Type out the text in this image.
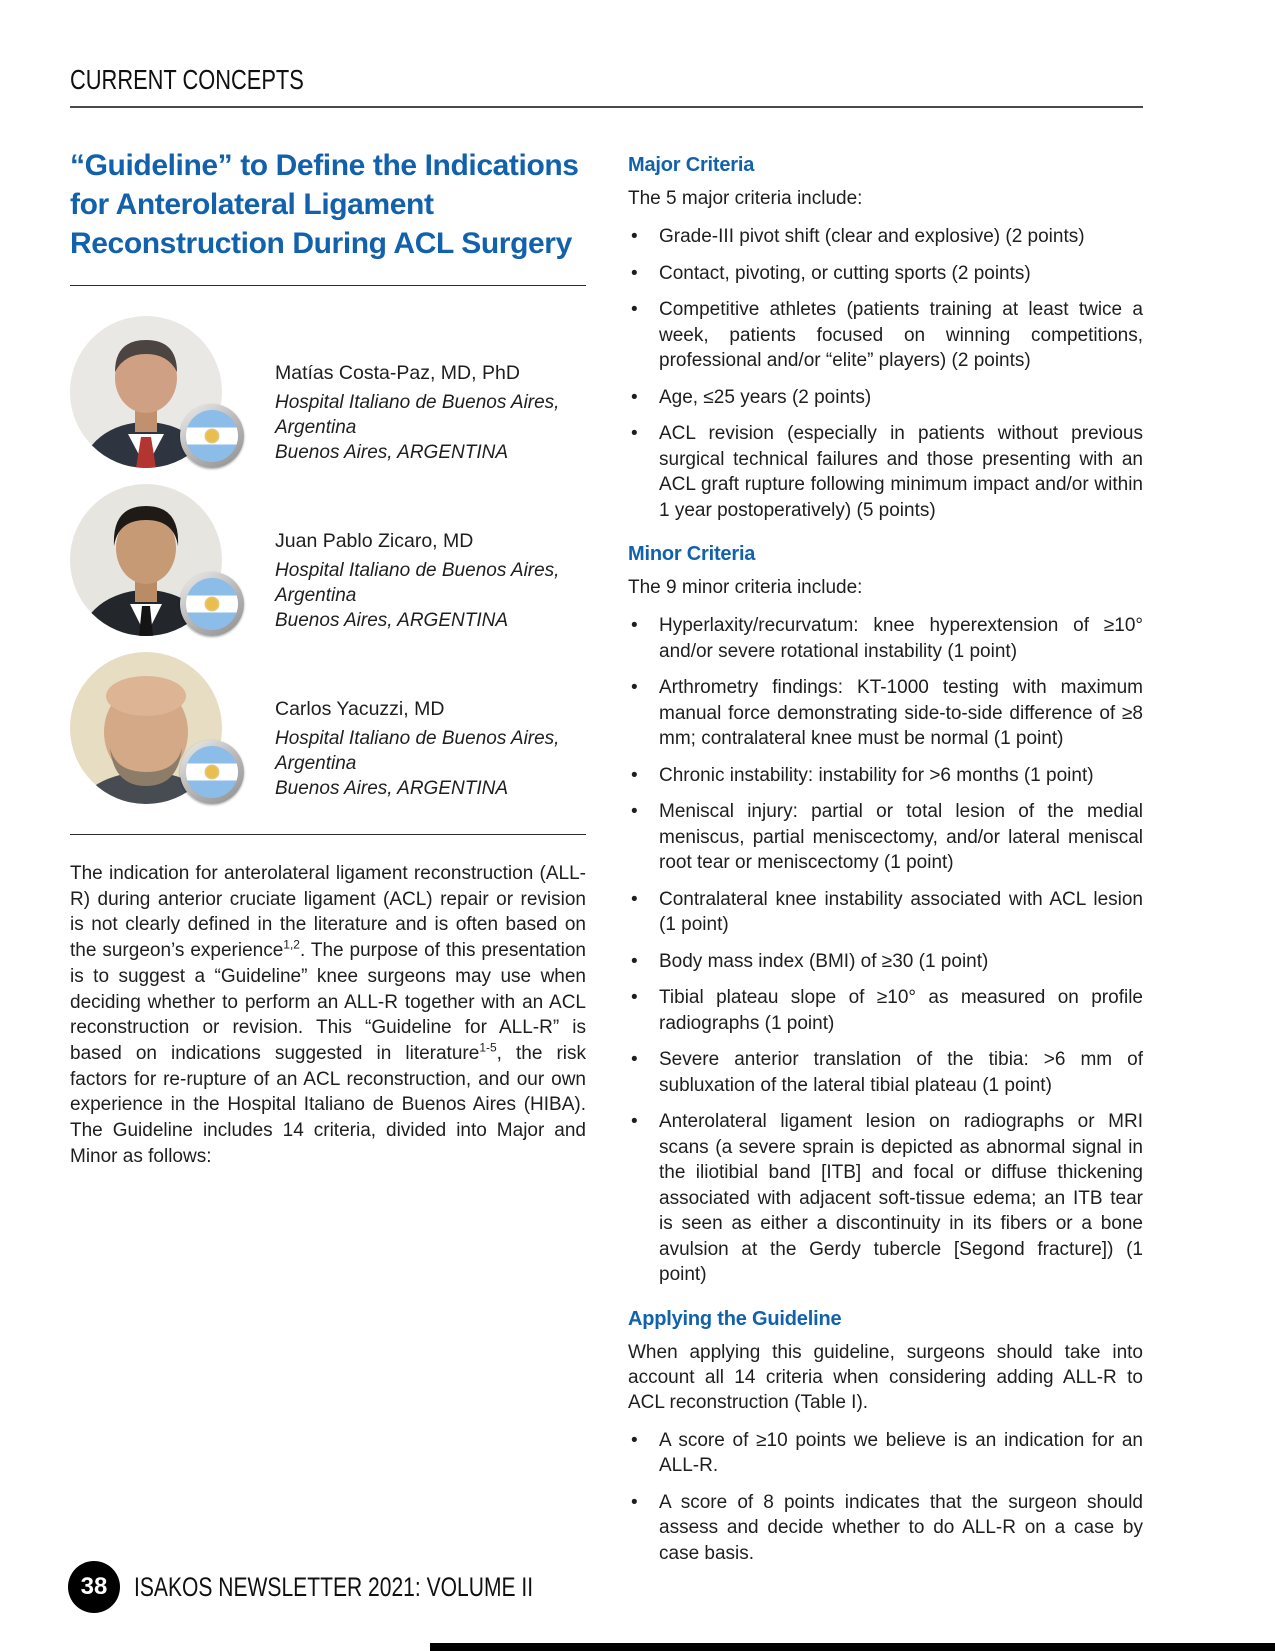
CURRENT CONCEPTS
“Guideline” to Define the Indications for Anterolateral Ligament Reconstruction During ACL Surgery
Matías Costa-Paz, MD, PhD
Hospital Italiano de Buenos Aires,
Argentina
Buenos Aires, ARGENTINA
Juan Pablo Zicaro, MD
Hospital Italiano de Buenos Aires,
Argentina
Buenos Aires, ARGENTINA
Carlos Yacuzzi, MD
Hospital Italiano de Buenos Aires,
Argentina
Buenos Aires, ARGENTINA

The indication for anterolateral ligament reconstruction (ALL-R) during anterior cruciate ligament (ACL) repair or revision is not clearly defined in the literature and is often based on the surgeon’s experience$^{1,2}$. The purpose of this presentation is to suggest a “Guideline” knee surgeons may use when deciding whether to perform an ALL-R together with an ACL reconstruction or revision. This “Guideline for ALL-R” is based on indications suggested in literature$^{1-5}$, the risk factors for re-rupture of an ACL reconstruction, and our own experience in the Hospital Italiano de Buenos Aires (HIBA). The Guideline includes 14 criteria, divided into Major and Minor as follows:

Major Criteria

The 5 major criteria include:

• Grade-III pivot shift (clear and explosive) (2 points)
• Contact, pivoting, or cutting sports (2 points)
• Competitive athletes (patients training at least twice a week, patients focused on winning competitions, professional and/or “elite” players) (2 points)
• Age, ≤25 years (2 points)
• ACL revision (especially in patients without previous surgical technical failures and those presenting with an ACL graft rupture following minimum impact and/or within 1 year postoperatively) (5 points)
Minor Criteria

The 9 minor criteria include:

• Hyperlaxity/recurvatum: knee hyperextension of ≥10° and/or severe rotational instability (1 point)
• Arthrometry findings: KT-1000 testing with maximum manual force demonstrating side-to-side difference of ≥8 mm; contralateral knee must be normal (1 point)
• Chronic instability: instability for >6 months (1 point)
• Meniscal injury: partial or total lesion of the medial meniscus, partial meniscectomy, and/or lateral meniscal root tear or meniscectomy (1 point)
• Contralateral knee instability associated with ACL lesion (1 point)
• Body mass index (BMI) of ≥30 (1 point)
• Tibial plateau slope of ≥10° as measured on profile radiographs (1 point)
• Severe anterior translation of the tibia: >6 mm of subluxation of the lateral tibial plateau (1 point)
• Anterolateral ligament lesion on radiographs or MRI scans (a severe sprain is depicted as abnormal signal in the iliotibial band [ITB] and focal or diffuse thickening associated with adjacent soft-tissue edema; an ITB tear is seen as either a discontinuity in its fibers or a bone avulsion at the Gerdy tubercle [Segond fracture]) (1 point)
Applying the Guideline

When applying this guideline, surgeons should take into account all 14 criteria when considering adding ALL-R to ACL reconstruction (Table I).

• A score of ≥10 points we believe is an indication for an ALL-R.
• A score of 8 points indicates that the surgeon should assess and decide whether to do ALL-R on a case by case basis.
38 ISAKOS NEWSLETTER 2021: VOLUME II
